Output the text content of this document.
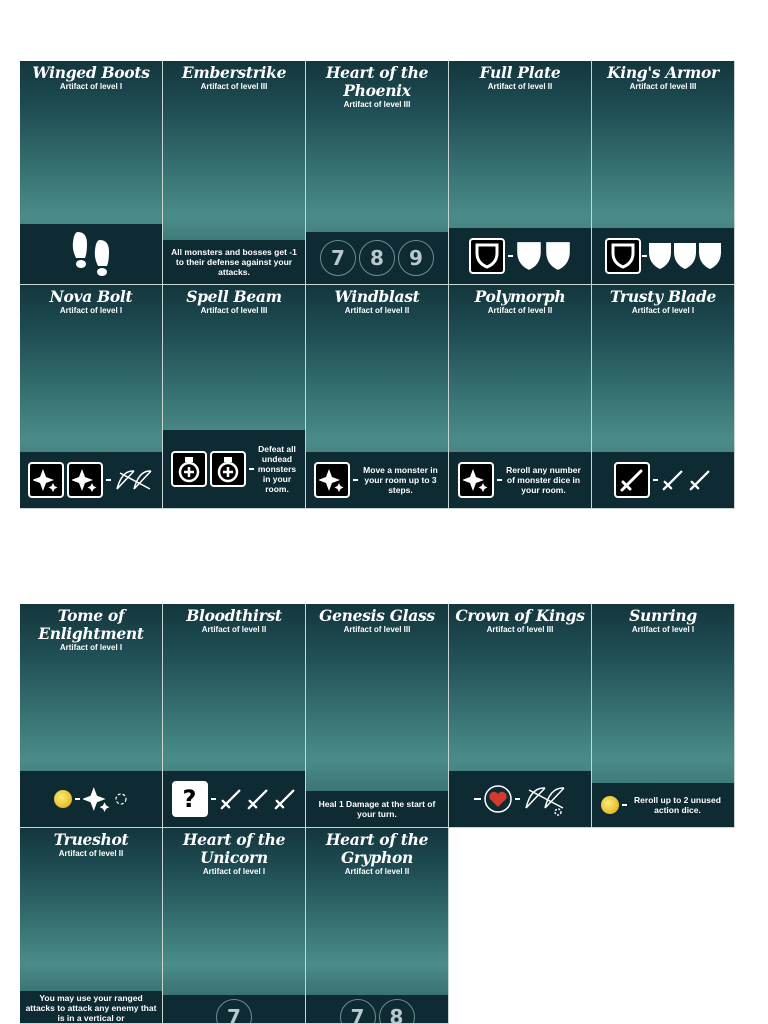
Winged Boots
Artifact of level I
Emberstrike
Artifact of level III
All monsters and bosses get -1 to their defense against your attacks.
Heart of the Phoenix
Artifact of level III
7	8	9
Full Plate
Artifact of level II
King's Armor
Artifact of level III
Nova Bolt
Artifact of level I
Spell Beam
Artifact of level III
Defeat all undead monsters in your room.
Windblast
Artifact of level II
Move a monster in your room up to 3 steps.
Polymorph
Artifact of level II
Reroll any number of monster dice in your room.
Trusty Blade
Artifact of level I
Tome of Enlightment
Artifact of level I
Bloodthirst
Artifact of level II
?
Genesis Glass
Artifact of level III
Heal 1 Damage at the start of your turn.
Crown of Kings
Artifact of level III
Sunring
Artifact of level I
Reroll up to 2 unused action dice.
Trueshot
Artifact of level II
You may use your ranged attacks to attack any enemy that is in a vertical or
Heart of the Unicorn
Artifact of level I
7
Heart of the Gryphon
Artifact of level II
7	8
